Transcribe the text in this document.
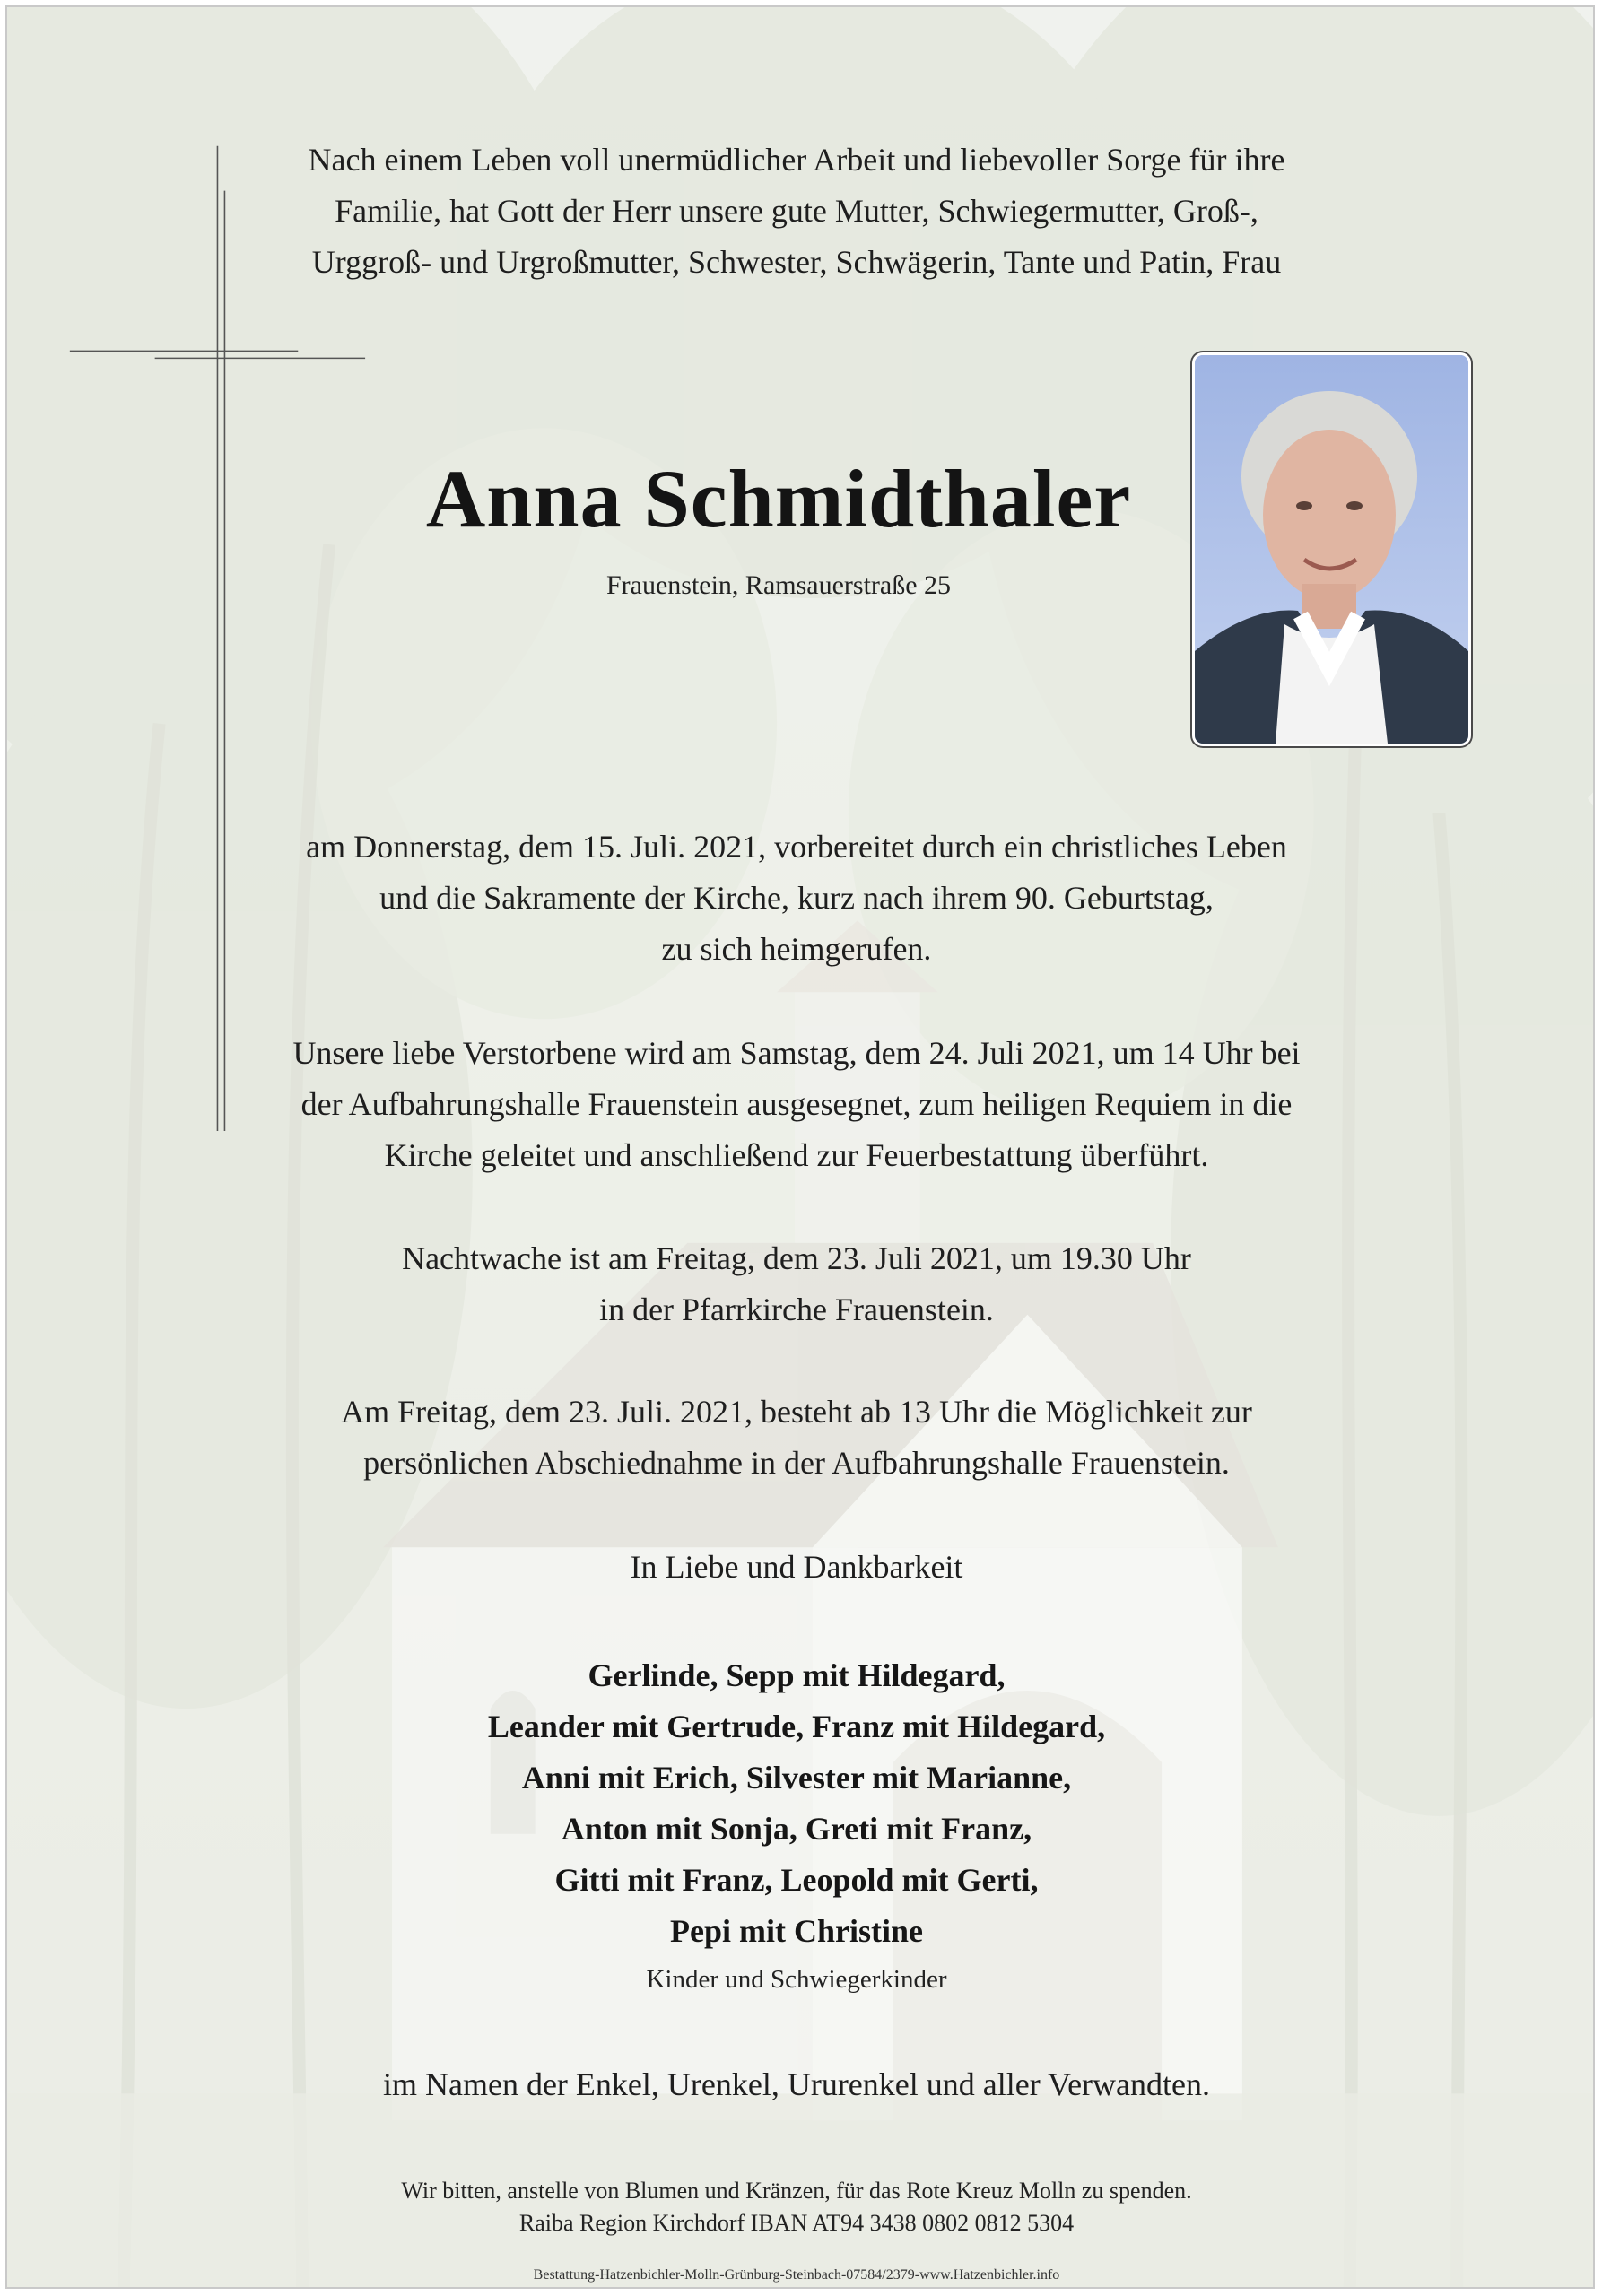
Nach einem Leben voll unermüdlicher Arbeit und liebevoller Sorge für ihre

Familie, hat Gott der Herr unsere gute Mutter, Schwiegermutter, Groß-,

Urggroß- und Urgroßmutter, Schwester, Schwägerin, Tante und Patin, Frau

Anna Schmidthaler
Frauenstein, Ramsauerstraße 25

am Donnerstag, dem 15. Juli. 2021, vorbereitet durch ein christliches Leben

und die Sakramente der Kirche, kurz nach ihrem 90. Geburtstag,

zu sich heimgerufen.

Unsere liebe Verstorbene wird am Samstag, dem 24. Juli 2021, um 14 Uhr bei

der Aufbahrungshalle Frauenstein ausgesegnet, zum heiligen Requiem in die

Kirche geleitet und anschließend zur Feuerbestattung überführt.

Nachtwache ist am Freitag, dem 23. Juli 2021, um 19.30 Uhr

in der Pfarrkirche Frauenstein.

Am Freitag, dem 23. Juli. 2021, besteht ab 13 Uhr die Möglichkeit zur

persönlichen Abschiednahme in der Aufbahrungshalle Frauenstein.

In Liebe und Dankbarkeit

Gerlinde, Sepp mit Hildegard,

Leander mit Gertrude, Franz mit Hildegard,

Anni mit Erich, Silvester mit Marianne,

Anton mit Sonja, Greti mit Franz,

Gitti mit Franz, Leopold mit Gerti,

Pepi mit Christine

Kinder und Schwiegerkinder

im Namen der Enkel, Urenkel, Ururenkel und aller Verwandten.

Wir bitten, anstelle von Blumen und Kränzen, für das Rote Kreuz Molln zu spenden.

Raiba Region Kirchdorf IBAN AT94 3438 0802 0812 5304

Bestattung-Hatzenbichler-Molln-Grünburg-Steinbach-07584/2379-www.Hatzenbichler.info
